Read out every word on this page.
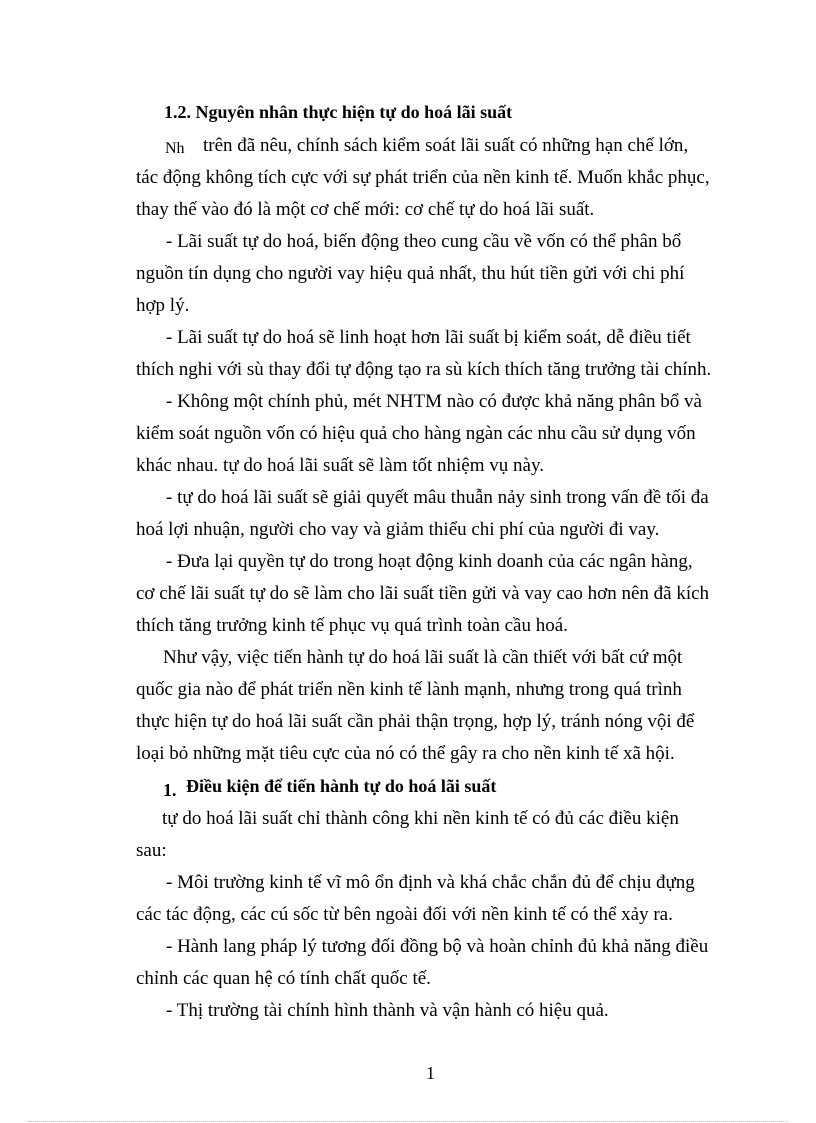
1.2. Nguyên nhân thực hiện tự do hoá lãi suất
Nh trên đã nêu, chính sách kiểm soát lãi suất có những hạn chế lớn,
tác động không tích cực với sự phát triển của nền kinh tế. Muốn khắc phục,
thay thế vào đó là một cơ chế mới: cơ chế tự do hoá lãi suất.
- Lãi suất tự do hoá, biến động theo cung cầu về vốn có thể phân bổ
nguồn tín dụng cho người vay hiệu quả nhất, thu hút tiền gửi với chi phí
hợp lý.
- Lãi suất tự do hoá sẽ linh hoạt hơn lãi suất bị kiểm soát, dễ điều tiết
thích nghi với sù thay đổi tự động tạo ra sù kích thích tăng trưởng tài chính.
- Không một chính phủ, mét NHTM nào có được khả năng phân bổ và
kiểm soát nguồn vốn có hiệu quả cho hàng ngàn các nhu cầu sử dụng vốn
khác nhau. tự do hoá lãi suất sẽ làm tốt nhiệm vụ này.
- tự do hoá lãi suất sẽ giải quyết mâu thuẫn nảy sinh trong vấn đề tối đa
hoá lợi nhuận, người cho vay và giảm thiểu chi phí của người đi vay.
- Đưa lại quyền tự do trong hoạt động kinh doanh của các ngân hàng,
cơ chế lãi suất tự do sẽ làm cho lãi suất tiền gửi và vay cao hơn nên đã kích
thích tăng trưởng kinh tế phục vụ quá trình toàn cầu hoá.
Như vậy, việc tiến hành tự do hoá lãi suất là cần thiết với bất cứ một
quốc gia nào để phát triển nền kinh tế lành mạnh, nhưng trong quá trình
thực hiện tự do hoá lãi suất cần phải thận trọng, hợp lý, tránh nóng vội để
loại bỏ những mặt tiêu cực của nó có thể gây ra cho nền kinh tế xã hội.
1. Điều kiện để tiến hành tự do hoá lãi suất
tự do hoá lãi suất chỉ thành công khi nền kinh tế có đủ các điều kiện
sau:
- Môi trường kinh tế vĩ mô ổn định và khá chắc chắn đủ để chịu đựng
các tác động, các cú sốc từ bên ngoài đối với nền kinh tế có thể xảy ra.
- Hành lang pháp lý tương đối đồng bộ và hoàn chỉnh đủ khả năng điều
chỉnh các quan hệ có tính chất quốc tế.
- Thị trường tài chính hình thành và vận hành có hiệu quả.
1
